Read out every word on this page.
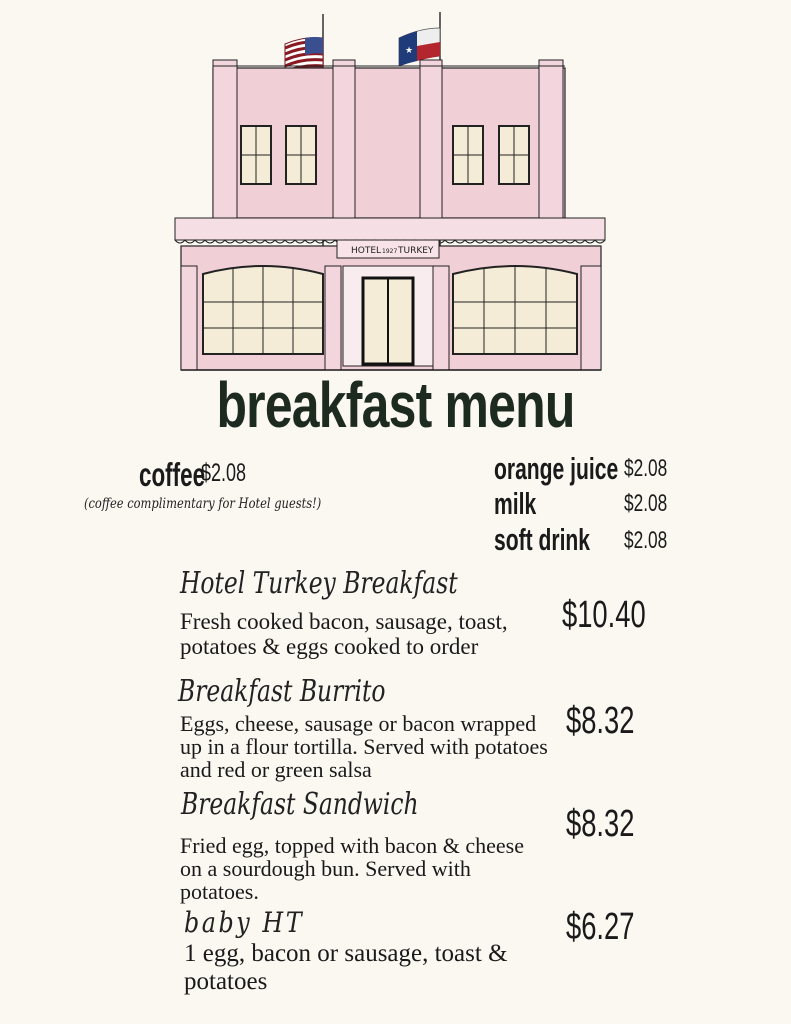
★
HOTEL 1927 TURKEY
breakfast menu
coffee
$2.08
(coffee complimentary for Hotel guests!)
orange juice $2.08
milk	$2.08
soft drink $2.08
Hotel Turkey Breakfast
Fresh cooked bacon, sausage, toast,
potatoes & eggs cooked to order
$10.40
Breakfast Burrito
Eggs, cheese, sausage or bacon wrapped
up in a flour tortilla. Served with potatoes
and red or green salsa
$8.32
Breakfast Sandwich
Fried egg, topped with bacon & cheese
on a sourdough bun. Served with
potatoes.
$8.32
baby HT
1 egg, bacon or sausage, toast &
potatoes
$6.27
